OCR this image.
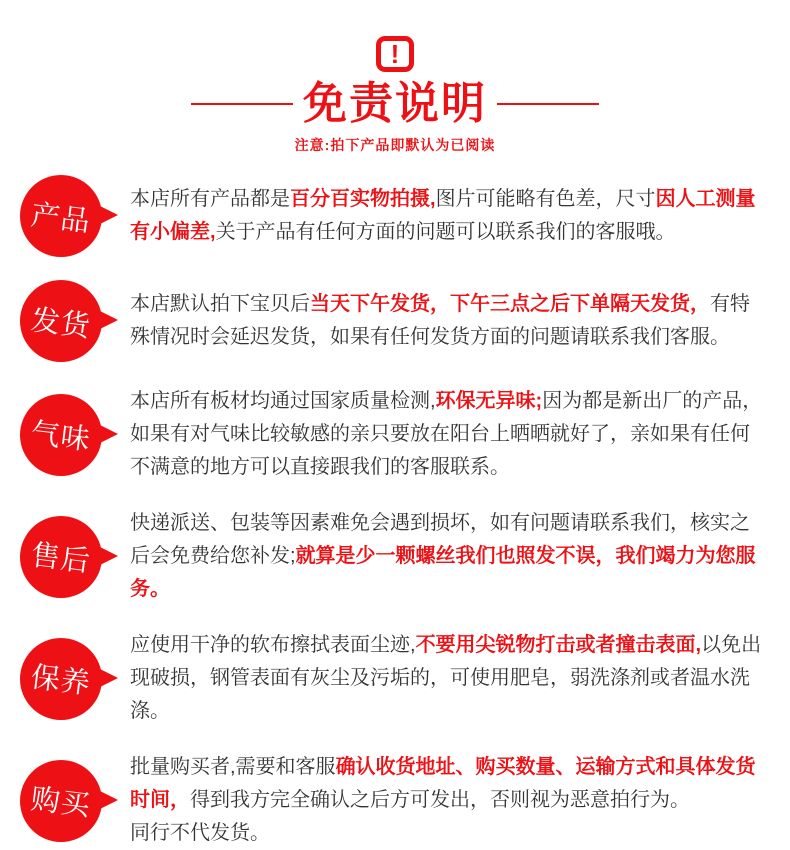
!
免责说明
注意:拍下产品即默认为已阅读
产品 本店所有产品都是百分百实物拍摄,图片可能略有色差，尺寸因人工测量有小偏差,关于产品有任何方面的问题可以联系我们的客服哦。
发货 本店默认拍下宝贝后当天下午发货，下午三点之后下单隔天发货，有特殊情况时会延迟发货，如果有任何发货方面的问题请联系我们客服。
气味
本店所有板材均通过国家质量检测,环保无异味;因为都是新出厂的产品，如果有对气味比较敏感的亲只要放在阳台上晒晒就好了，亲如果有任何不满意的地方可以直接跟我们的客服联系。
售后
快递派送、包装等因素难免会遇到损坏，如有问题请联系我们，核实之后会免费给您补发;就算是少一颗螺丝我们也照发不误，我们竭力为您服务。
保养
应使用干净的软布擦拭表面尘迹,不要用尖锐物打击或者撞击表面,以免出现破损，钢管表面有灰尘及污垢的，可使用肥皂，弱洗涤剂或者温水洗涤。
购买
批量购买者,需要和客服确认收货地址、购买数量、运输方式和具体发货时间，得到我方完全确认之后方可发出，否则视为恶意拍行为。
同行不代发货。
